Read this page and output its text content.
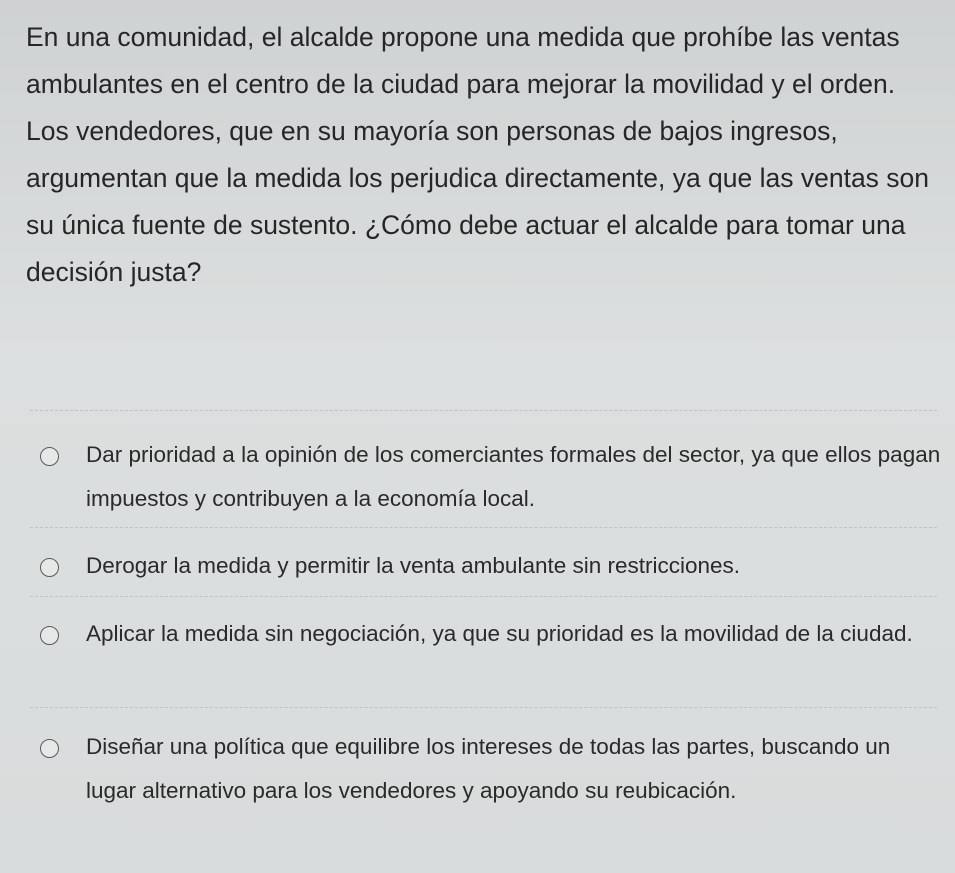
En una comunidad, el alcalde propone una medida que prohíbe las ventas ambulantes en el centro de la ciudad para mejorar la movilidad y el orden. Los vendedores, que en su mayoría son personas de bajos ingresos, argumentan que la medida los perjudica directamente, ya que las ventas son su única fuente de sustento. ¿Cómo debe actuar el alcalde para tomar una decisión justa?

Dar prioridad a la opinión de los comerciantes formales del sector, ya que ellos pagan impuestos y contribuyen a la economía local.
Derogar la medida y permitir la venta ambulante sin restricciones.
Aplicar la medida sin negociación, ya que su prioridad es la movilidad de la ciudad.
Diseñar una política que equilibre los intereses de todas las partes, buscando un lugar alternativo para los vendedores y apoyando su reubicación.
